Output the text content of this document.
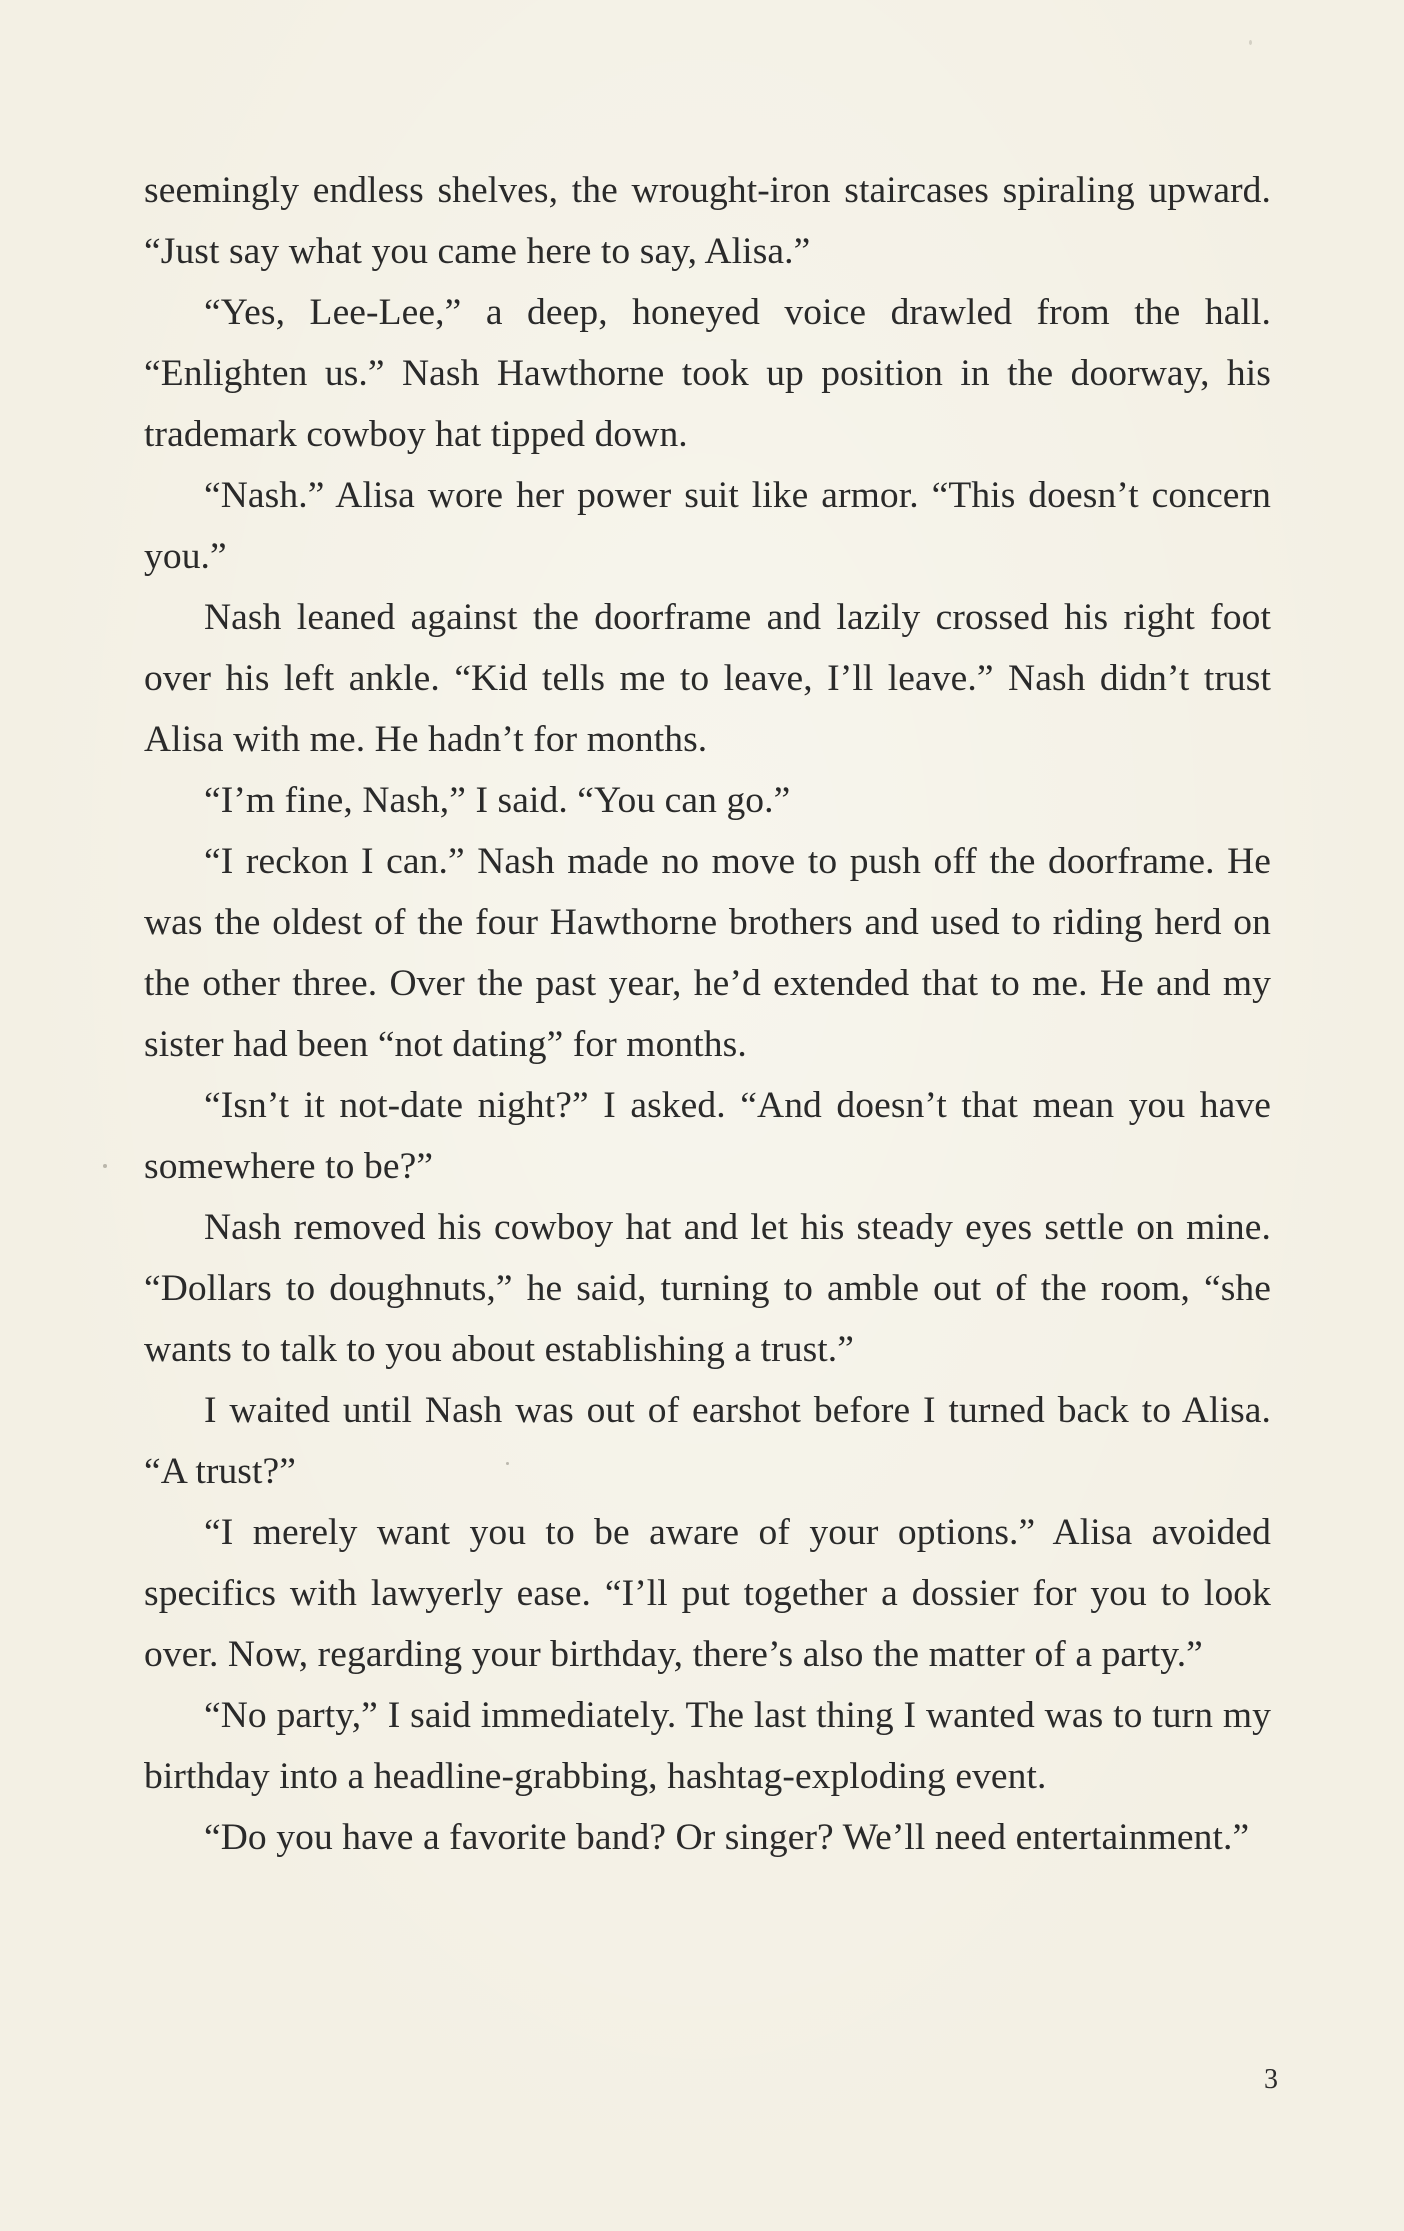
seemingly endless shelves, the wrought-iron staircases spiraling upward. “Just say what you came here to say, Alisa.”

“Yes, Lee-Lee,” a deep, honeyed voice drawled from the hall. “Enlighten us.” Nash Hawthorne took up position in the doorway, his trademark cowboy hat tipped down.

“Nash.” Alisa wore her power suit like armor. “This doesn’t concern you.”

Nash leaned against the doorframe and lazily crossed his right foot over his left ankle. “Kid tells me to leave, I’ll leave.” Nash didn’t trust Alisa with me. He hadn’t for months.

“I’m fine, Nash,” I said. “You can go.”

“I reckon I can.” Nash made no move to push off the doorframe. He was the oldest of the four Hawthorne brothers and used to riding herd on the other three. Over the past year, he’d extended that to me. He and my sister had been “not dating” for months.

“Isn’t it not-date night?” I asked. “And doesn’t that mean you have somewhere to be?”

Nash removed his cowboy hat and let his steady eyes settle on mine. “Dollars to doughnuts,” he said, turning to amble out of the room, “she wants to talk to you about establishing a trust.”

I waited until Nash was out of earshot before I turned back to Alisa. “A trust?”

“I merely want you to be aware of your options.” Alisa avoided specifics with lawyerly ease. “I’ll put together a dossier for you to look over. Now, regarding your birthday, there’s also the matter of a party.”

“No party,” I said immediately. The last thing I wanted was to turn my birthday into a headline-grabbing, hashtag-exploding event.

“Do you have a favorite band? Or singer? We’ll need entertainment.”

3
